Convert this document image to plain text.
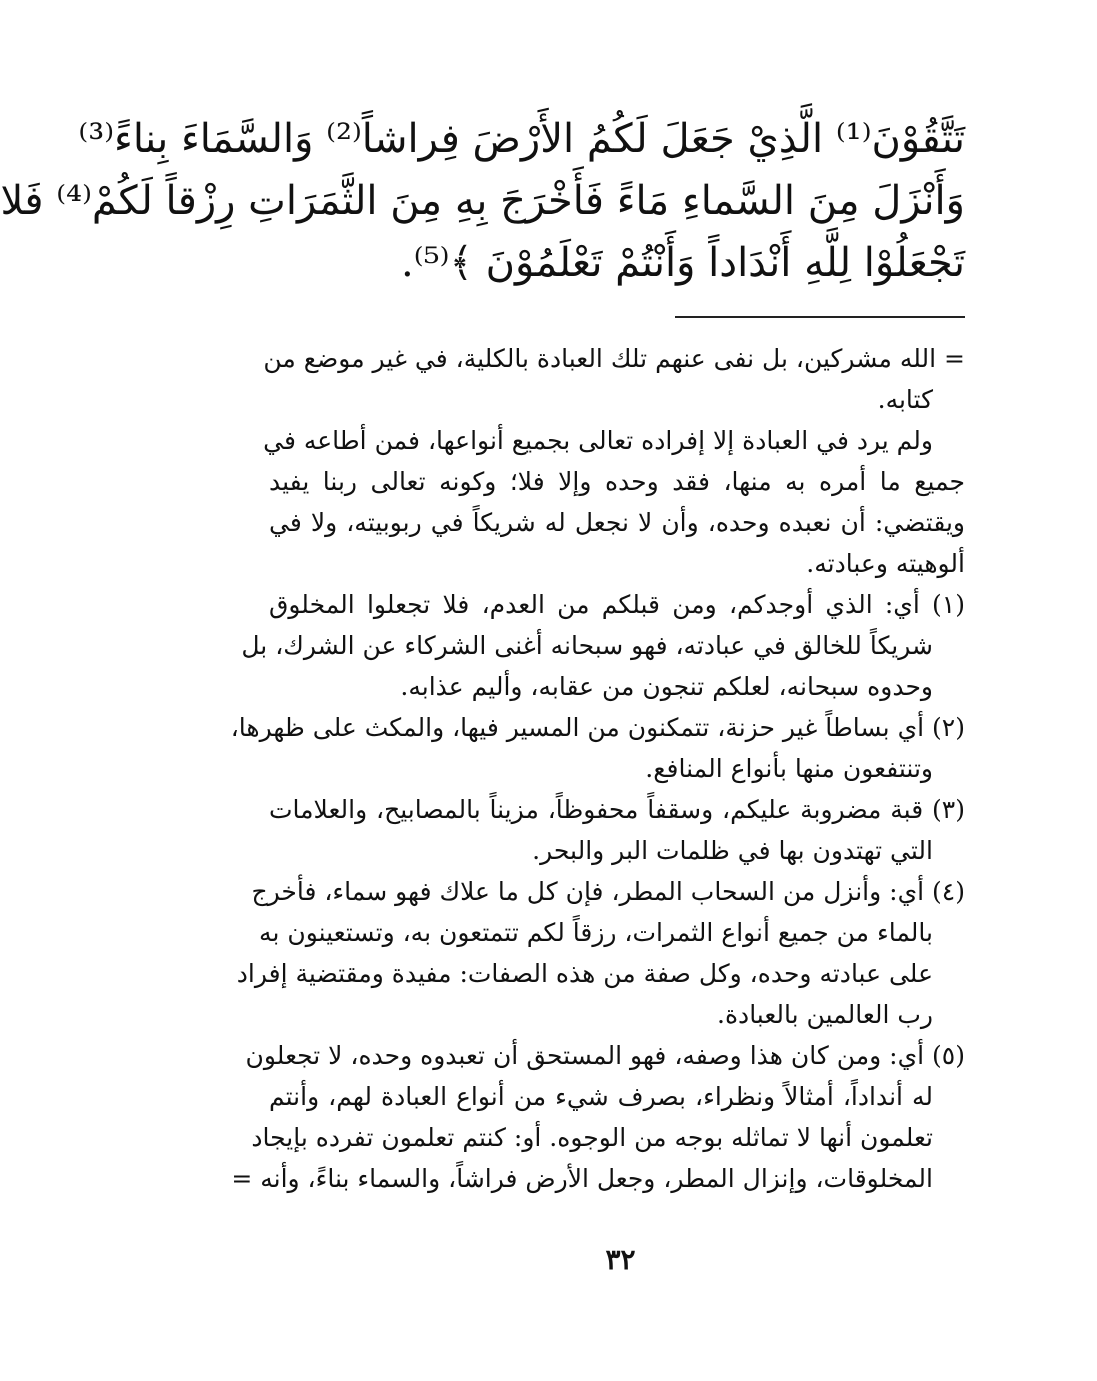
تَتَّقُوْنَ⁽¹⁾ الَّذِيْ جَعَلَ لَكُمُ الأَرْضَ فِراشاً⁽²⁾ وَالسَّمَاءَ بِناءً⁽³⁾
وَأَنْزَلَ مِنَ السَّماءِ مَاءً فَأَخْرَجَ بِهِ مِنَ الثَّمَرَاتِ رِزْقاً لَكُمْ⁽⁴⁾ فَلا
تَجْعَلُوْا لِلَّهِ أَنْدَاداً وَأَنْتُمْ تَعْلَمُوْنَ ﴾⁽⁵⁾.
= الله مشركين، بل نفى عنهم تلك العبادة بالكلية، في غير موضع من
كتابه.
ولم يرد في العبادة إلا إفراده تعالى بجميع أنواعها، فمن أطاعه في
جميع ما أمره به منها، فقد وحده وإلا فلا؛ وكونه تعالى ربنا يفيد
ويقتضي: أن نعبده وحده، وأن لا نجعل له شريكاً في ربوبيته، ولا في
ألوهيته وعبادته.
(١) أي: الذي أوجدكم، ومن قبلكم من العدم، فلا تجعلوا المخلوق
شريكاً للخالق في عبادته، فهو سبحانه أغنى الشركاء عن الشرك، بل
وحدوه سبحانه، لعلكم تنجون من عقابه، وأليم عذابه.
(٢) أي بساطاً غير حزنة، تتمكنون من المسير فيها، والمكث على ظهرها،
وتنتفعون منها بأنواع المنافع.
(٣) قبة مضروبة عليكم، وسقفاً محفوظاً، مزيناً بالمصابيح، والعلامات
التي تهتدون بها في ظلمات البر والبحر.
(٤) أي: وأنزل من السحاب المطر، فإن كل ما علاك فهو سماء، فأخرج
بالماء من جميع أنواع الثمرات، رزقاً لكم تتمتعون به، وتستعينون به
على عبادته وحده، وكل صفة من هذه الصفات: مفيدة ومقتضية إفراد
رب العالمين بالعبادة.
(٥) أي: ومن كان هذا وصفه، فهو المستحق أن تعبدوه وحده، لا تجعلون
له أنداداً، أمثالاً ونظراء، بصرف شيء من أنواع العبادة لهم، وأنتم
تعلمون أنها لا تماثله بوجه من الوجوه. أو: كنتم تعلمون تفرده بإيجاد
المخلوقات، وإنزال المطر، وجعل الأرض فراشاً، والسماء بناءً، وأنه =
٣٢
